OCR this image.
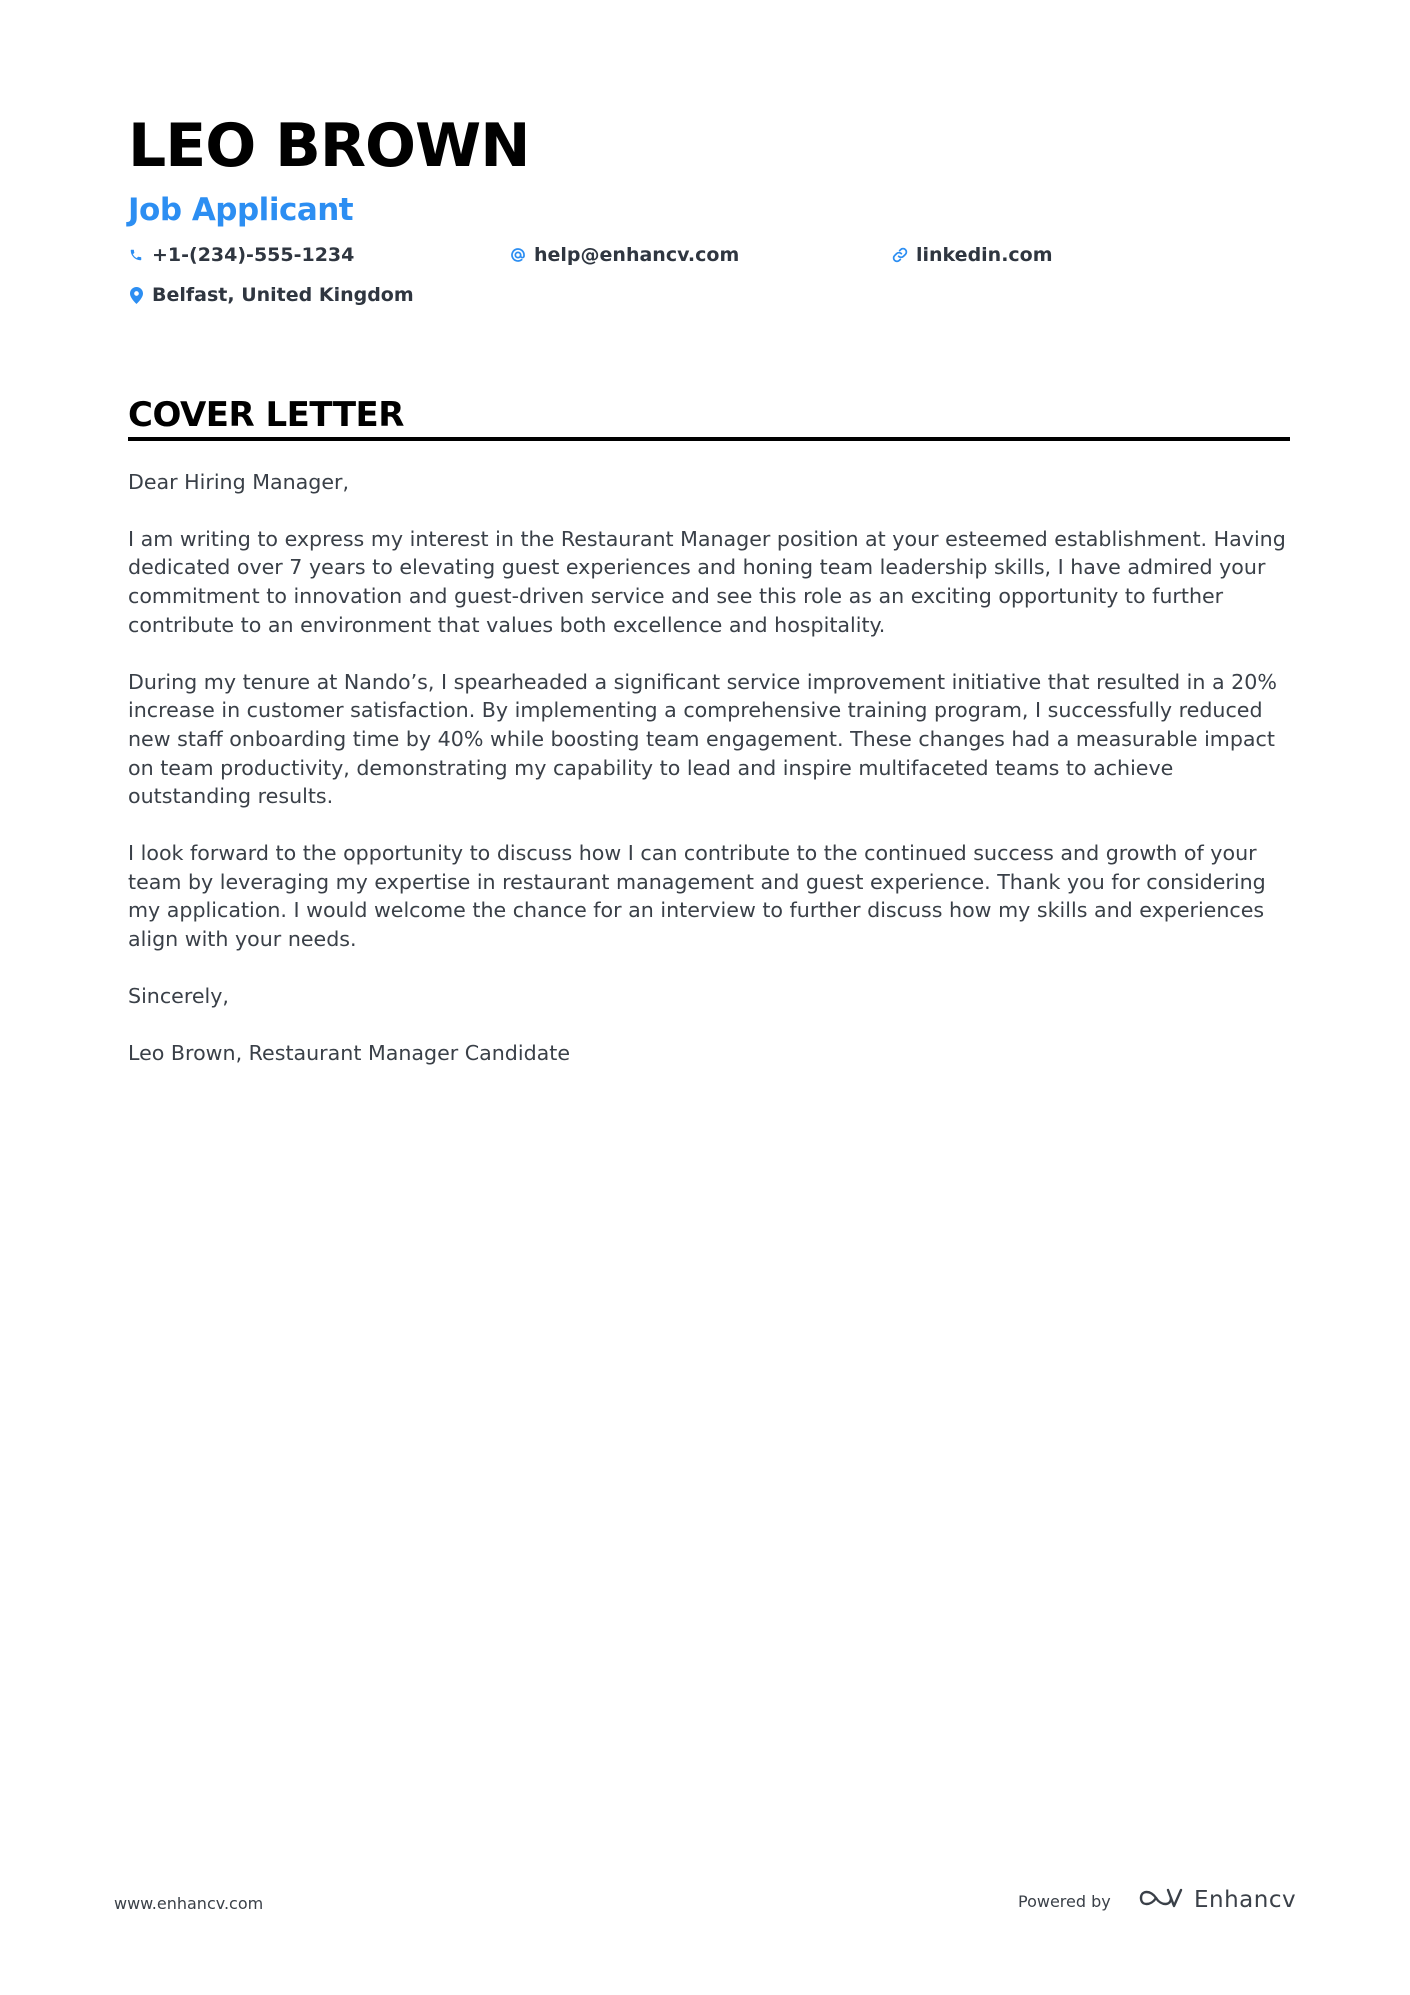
LEO BROWN
Job Applicant
+1-(234)-555-1234	help@enhancv.com	linkedin.com
Belfast, United Kingdom
COVER LETTER

Dear Hiring Manager,

I am writing to express my interest in the Restaurant Manager position at your esteemed establishment. Having dedicated over 7 years to elevating guest experiences and honing team leadership skills, I have admired your commitment to innovation and guest-driven service and see this role as an exciting opportunity to further contribute to an environment that values both excellence and hospitality.

During my tenure at Nando’s, I spearheaded a significant service improvement initiative that resulted in a 20% increase in customer satisfaction. By implementing a comprehensive training program, I successfully reduced new staff onboarding time by 40% while boosting team engagement. These changes had a measurable impact on team productivity, demonstrating my capability to lead and inspire multifaceted teams to achieve outstanding results.

I look forward to the opportunity to discuss how I can contribute to the continued success and growth of your team by leveraging my expertise in restaurant management and guest experience. Thank you for considering my application. I would welcome the chance for an interview to further discuss how my skills and experiences align with your needs.

Sincerely,

Leo Brown, Restaurant Manager Candidate

www.enhancv.com	Powered by	Enhancv
